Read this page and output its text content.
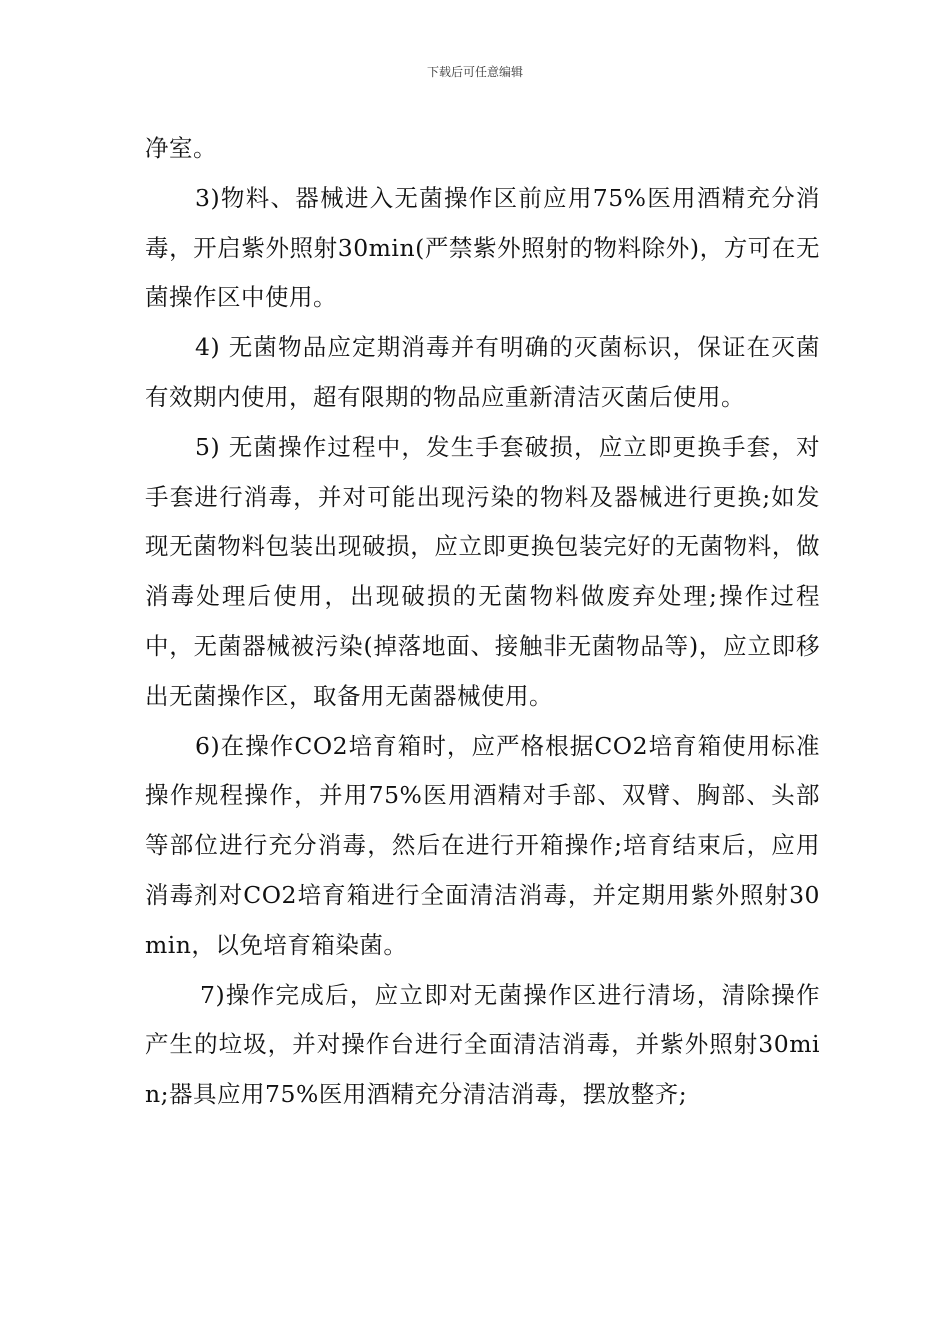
下载后可任意编辑

净室。

3)物料、器械进入无菌操作区前应用75%医用酒精充分消毒，开启紫外照射30min(严禁紫外照射的物料除外)，方可在无菌操作区中使用。

4) 无菌物品应定期消毒并有明确的灭菌标识，保证在灭菌有效期内使用，超有限期的物品应重新清洁灭菌后使用。

5) 无菌操作过程中，发生手套破损，应立即更换手套，对手套进行消毒，并对可能出现污染的物料及器械进行更换;如发现无菌物料包装出现破损，应立即更换包装完好的无菌物料，做消毒处理后使用，出现破损的无菌物料做废弃处理;操作过程中，无菌器械被污染(掉落地面、接触非无菌物品等)，应立即移出无菌操作区，取备用无菌器械使用。

6)在操作CO2培育箱时，应严格根据CO2培育箱使用标准操作规程操作，并用75%医用酒精对手部、双臂、胸部、头部等部位进行充分消毒，然后在进行开箱操作;培育结束后，应用消毒剂对CO2培育箱进行全面清洁消毒，并定期用紫外照射30min，以免培育箱染菌。

7)操作完成后，应立即对无菌操作区进行清场，清除操作产生的垃圾，并对操作台进行全面清洁消毒，并紫外照射30min;器具应用75%医用酒精充分清洁消毒，摆放整齐;
